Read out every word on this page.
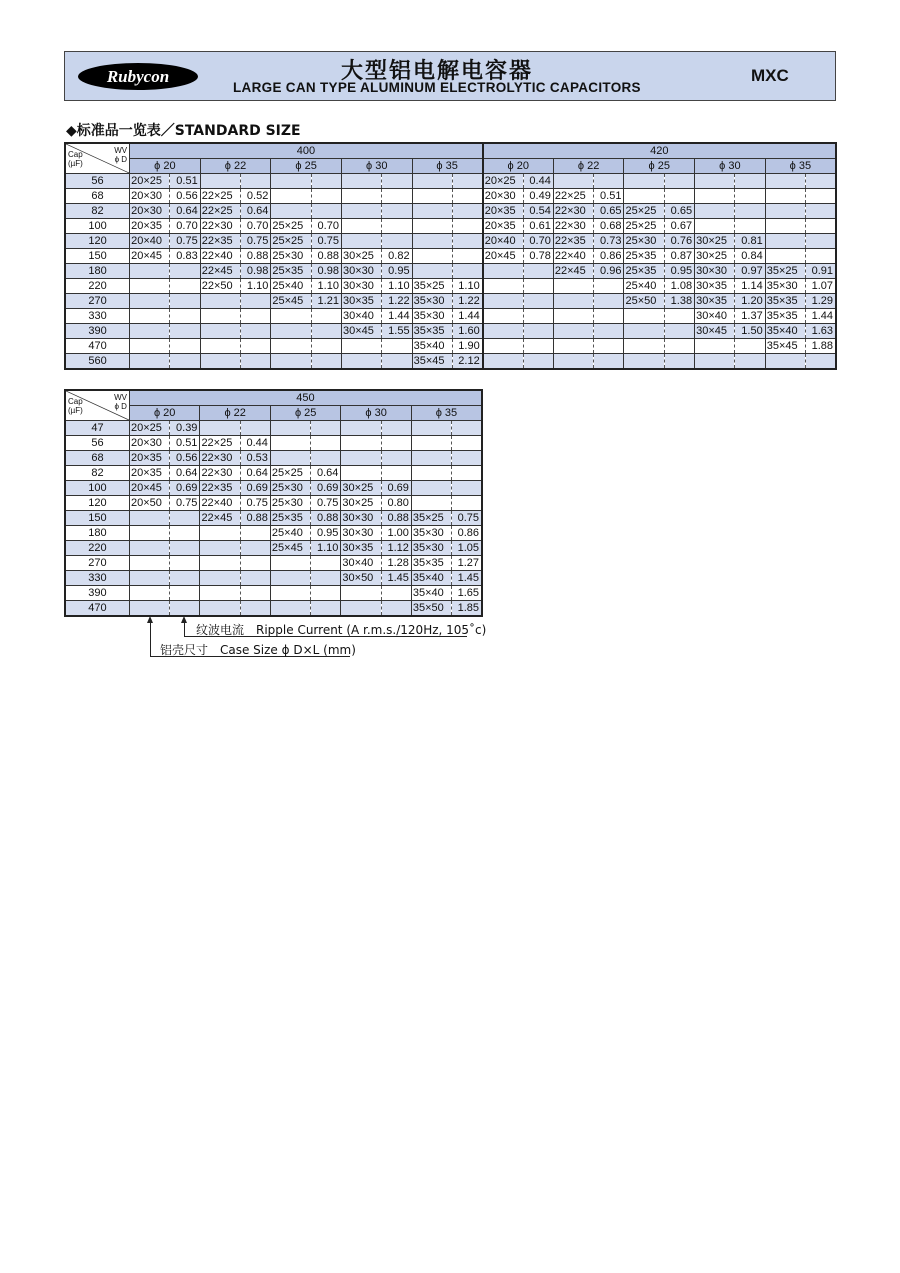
Rubycon	大型铝电解电容器
LARGE CAN TYPE ALUMINUM ELECTROLYTIC CAPACITORS
MXC
◆标准品一览表／STANDARD SIZE
WV
ϕ D
Cap
(µF)	400										420									
	ϕ 20		ϕ 22		ϕ 25		ϕ 30		ϕ 35		ϕ 20		ϕ 22		ϕ 25		ϕ 30		ϕ 35	
56	20×25	0.51									20×25	0.44								
68	20×30	0.56	22×25	0.52							20×30	0.49	22×25	0.51						
82	20×30	0.64	22×25	0.64							20×35	0.54	22×30	0.65	25×25	0.65				
100	20×35	0.70	22×30	0.70	25×25	0.70					20×35	0.61	22×30	0.68	25×25	0.67				
120	20×40	0.75	22×35	0.75	25×25	0.75					20×40	0.70	22×35	0.73	25×30	0.76	30×25	0.81		
150	20×45	0.83	22×40	0.88	25×30	0.88	30×25	0.82			20×45	0.78	22×40	0.86	25×35	0.87	30×25	0.84		
180			22×45	0.98	25×35	0.98	30×30	0.95					22×45	0.96	25×35	0.95	30×30	0.97	35×25	0.91
220			22×50	1.10	25×40	1.10	30×30	1.10	35×25	1.10					25×40	1.08	30×35	1.14	35×30	1.07
270					25×45	1.21	30×35	1.22	35×30	1.22					25×50	1.38	30×35	1.20	35×35	1.29
330							30×40	1.44	35×30	1.44							30×40	1.37	35×35	1.44
390							30×45	1.55	35×35	1.60							30×45	1.50	35×40	1.63
470									35×40	1.90									35×45	1.88
560									35×45	2.12										
WV
ϕ D
Cap
(µF)	450									
	ϕ 20		ϕ 22		ϕ 25		ϕ 30		ϕ 35	
47	20×25	0.39								
56	20×30	0.51	22×25	0.44						
68	20×35	0.56	22×30	0.53						
82	20×35	0.64	22×30	0.64	25×25	0.64				
100	20×45	0.69	22×35	0.69	25×30	0.69	30×25	0.69		
120	20×50	0.75	22×40	0.75	25×30	0.75	30×25	0.80		
150			22×45	0.88	25×35	0.88	30×30	0.88	35×25	0.75
180					25×40	0.95	30×30	1.00	35×30	0.86
220					25×45	1.10	30×35	1.12	35×30	1.05
270							30×40	1.28	35×35	1.27
330							30×50	1.45	35×40	1.45
390									35×40	1.65
470									35×50	1.85
纹波电流　Ripple Current (A r.m.s./120Hz, 105˚c)
铝壳尺寸　Case Size ϕ D×L (mm)
